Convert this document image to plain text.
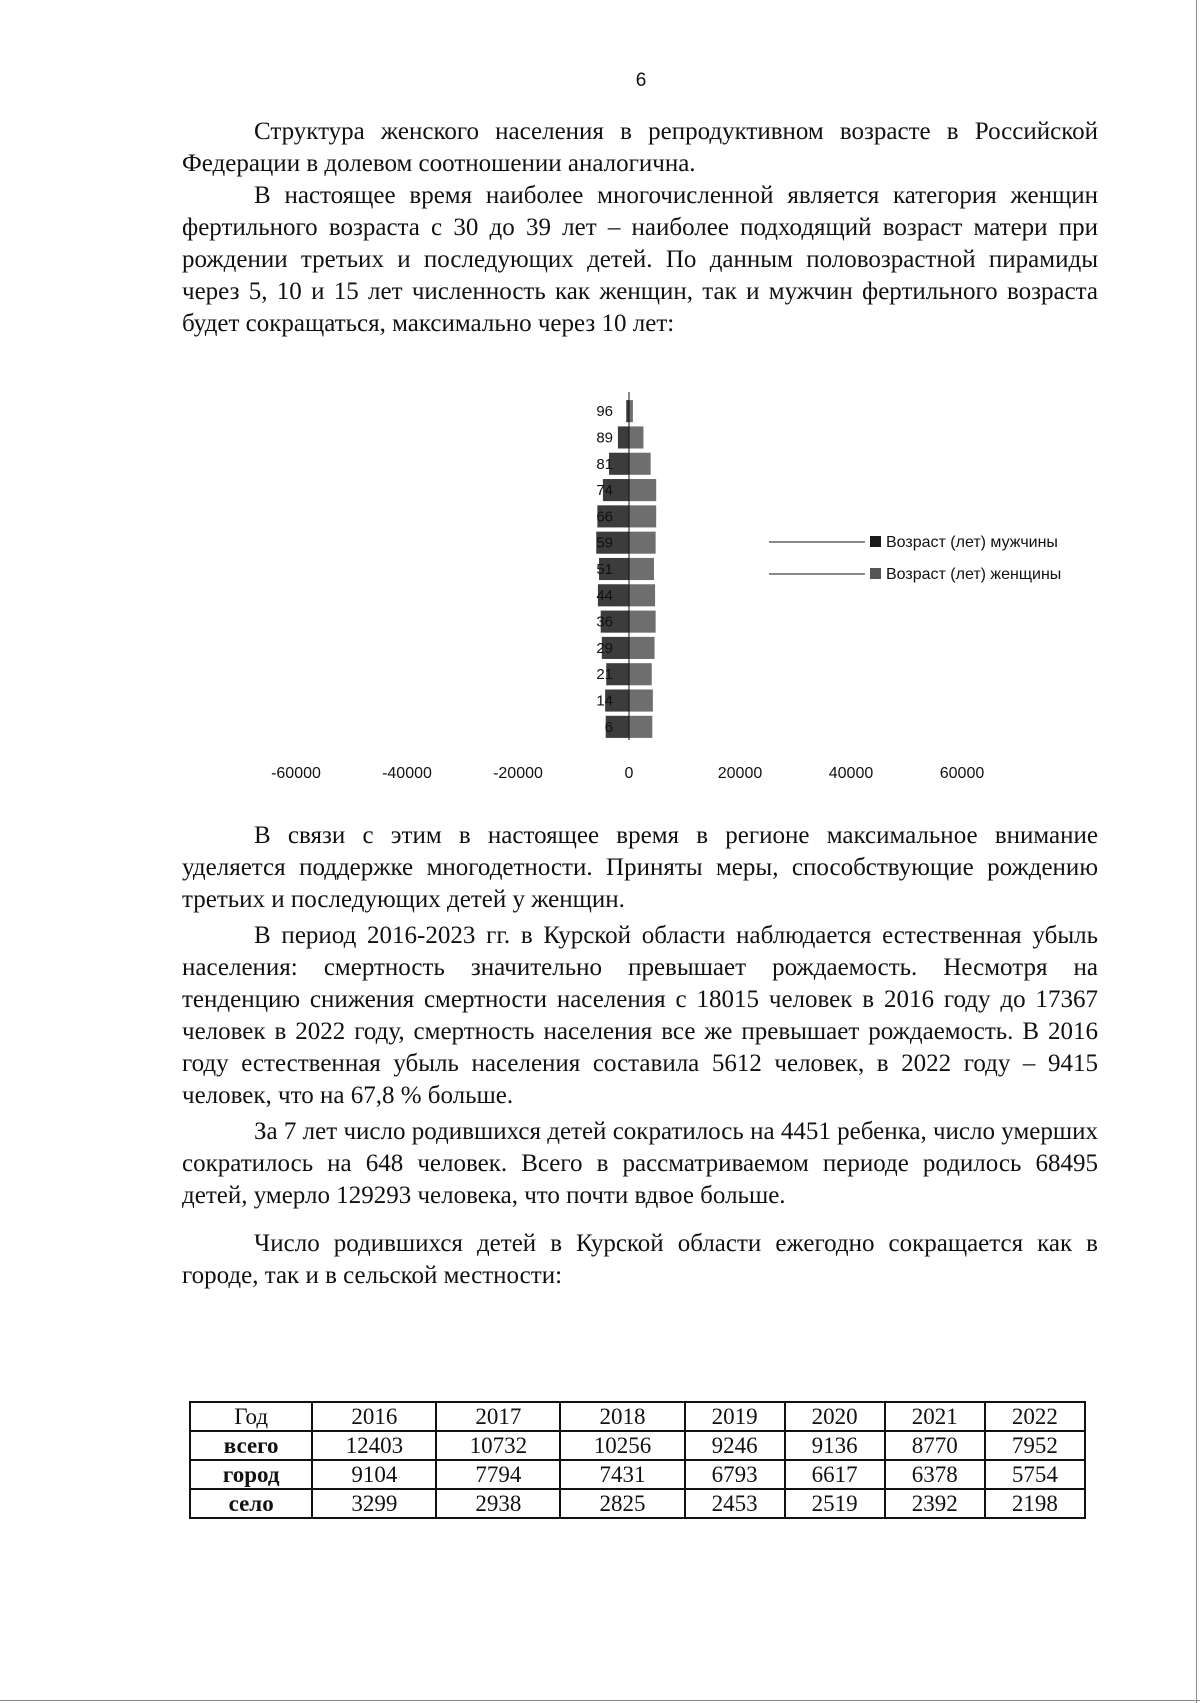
6

Структура женского населения в репродуктивном возрасте в Российской Федерации в долевом соотношении аналогична.

В настоящее время наиболее многочисленной является категория женщин фертильного возраста с 30 до 39 лет – наиболее подходящий возраст матери при рождении третьих и последующих детей. По данным половозрастной пирамиды через 5, 10 и 15 лет численность как женщин, так и мужчин фертильного возраста будет сокращаться, максимально через 10 лет:

6
14
21
29
36
44
51
59
66
74
81
89
96
-60000	-40000	-20000	0	20000	40000	60000
Возраст (лет) мужчины
Возраст (лет) женщины

В связи с этим в настоящее время в регионе максимальное внимание уделяется поддержке многодетности. Приняты меры, способствующие рождению третьих и последующих детей у женщин.

В период 2016-2023 гг. в Курской области наблюдается естественная убыль населения: смертность значительно превышает рождаемость. Несмотря на тенденцию снижения смертности населения с 18015 человек в 2016 году до 17367 человек в 2022 году, смертность населения все же превышает рождаемость. В 2016 году естественная убыль населения составила 5612 человек, в 2022 году – 9415 человек, что на 67,8 % больше.

За 7 лет число родившихся детей сократилось на 4451 ребенка, число умерших сократилось на 648 человек. Всего в рассматриваемом периоде родилось 68495 детей, умерло 129293 человека, что почти вдвое больше.

Число родившихся детей в Курской области ежегодно сокращается как в городе, так и в сельской местности:

Год	2016	2017	2018	2019	2020	2021	2022
всего	12403	10732	10256	9246	9136	8770	7952
город	9104	7794	7431	6793	6617	6378	5754
село	3299	2938	2825	2453	2519	2392	2198
